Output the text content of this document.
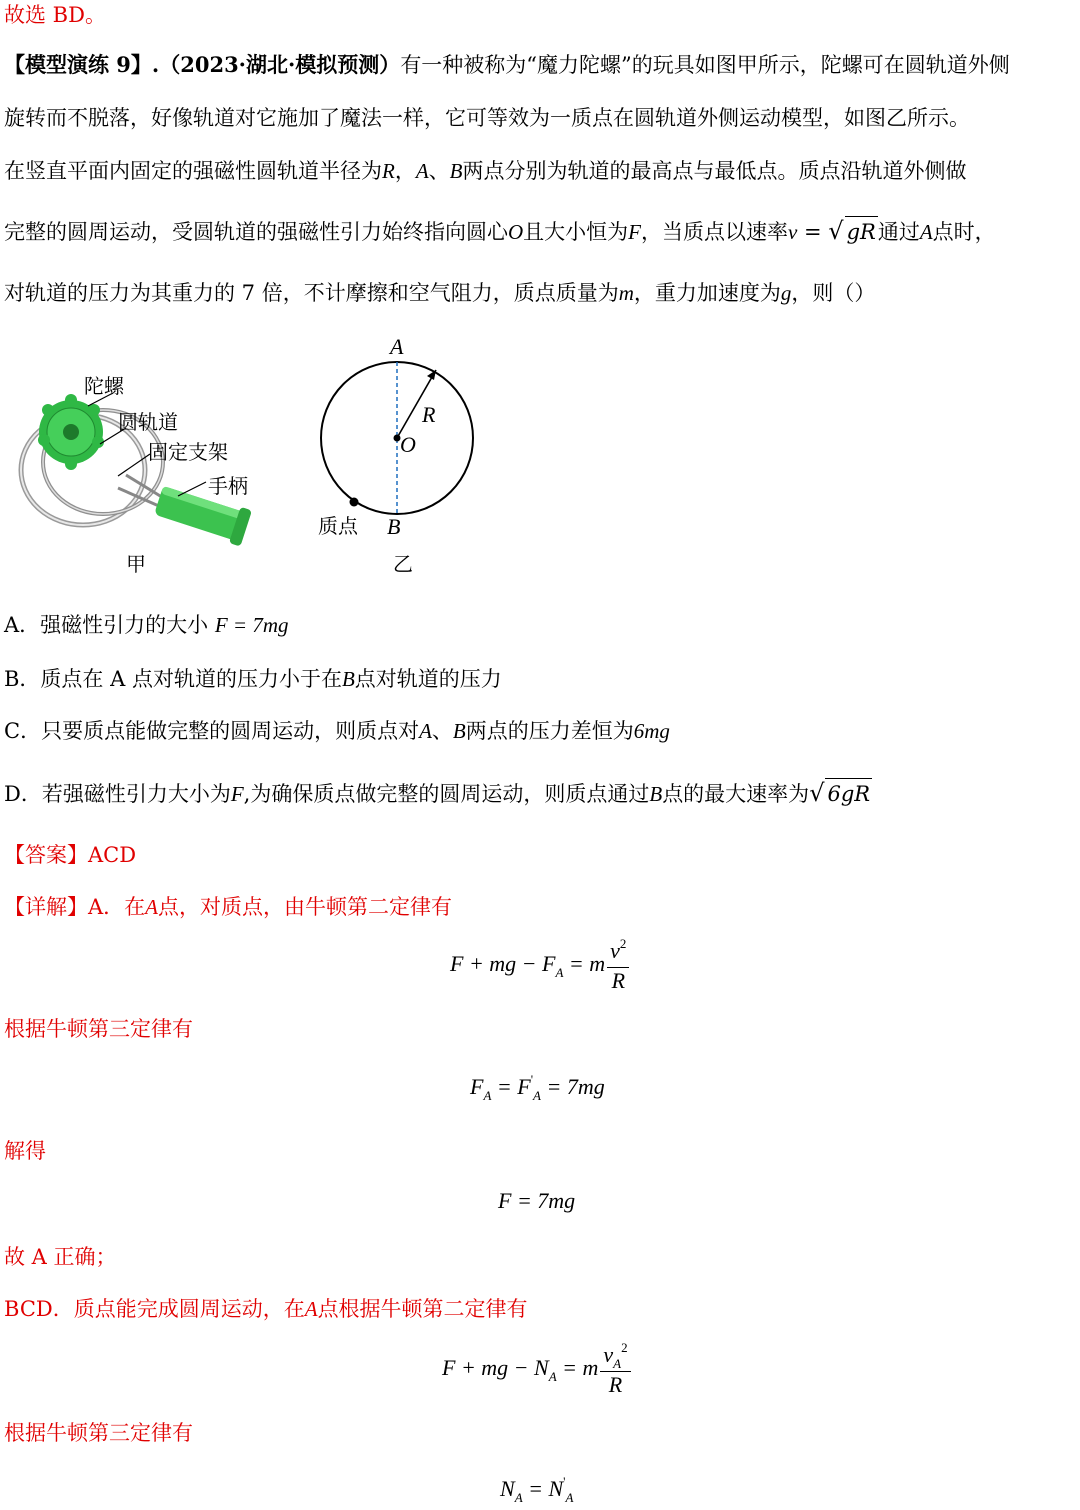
故选 BD。
【模型演练 9】.（2023·湖北·模拟预测）有一种被称为“魔力陀螺”的玩具如图甲所示，陀螺可在圆轨道外侧
旋转而不脱落，好像轨道对它施加了魔法一样，它可等效为一质点在圆轨道外侧运动模型，如图乙所示。
在竖直平面内固定的强磁性圆轨道半径为R，A、B两点分别为轨道的最高点与最低点。质点沿轨道外侧做
完整的圆周运动，受圆轨道的强磁性引力始终指向圆心O且大小恒为F，当质点以速率v = √ gR通过A点时，
对轨道的压力为其重力的 7 倍，不计摩擦和空气阻力，质点质量为m，重力加速度为g，则（）
陀螺
圆轨道
固定支架
手柄
甲
A
R
O
质点 B
乙
A．强磁性引力的大小 F = 7mg
B．质点在 A 点对轨道的压力小于在B点对轨道的压力
C．只要质点能做完整的圆周运动，则质点对A、B两点的压力差恒为6mg
D．若强磁性引力大小为F,为确保质点做完整的圆周运动，则质点通过B点的最大速率为√ 6gR
【答案】ACD
【详解】A．在A点，对质点，由牛顿第二定律有
F + mg − $F_A = m \frac{v^2}{R}$
根据牛顿第三定律有
$F_A = F'_A = 7mg$
解得
F = 7mg
故 A 正确；
BCD．质点能完成圆周运动，在A点根据牛顿第二定律有
F + mg − $N_A = m \frac{v_A^2}{R}$
根据牛顿第三定律有
$N_A = N'_A$
